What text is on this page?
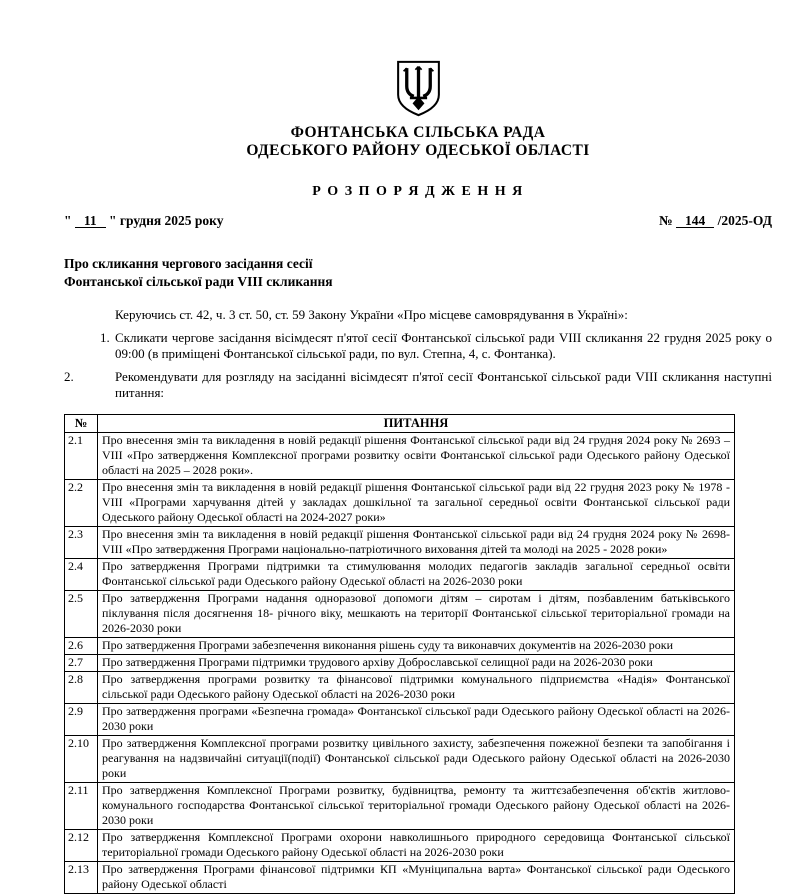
ФОНТАНСЬКА СІЛЬСЬКА РАДА
ОДЕСЬКОГО РАЙОНУ ОДЕСЬКОЇ ОБЛАСТІ
Р О З П О Р Я Д Ж Е Н Н Я
" 11 " грудня 2025 року	№ 144 /2025-ОД
Про скликання чергового засідання сесії
Фонтанської сільської ради VIII скликання
Керуючись ст. 42, ч. 3 ст. 50, ст. 59 Закону України «Про місцеве самоврядування в Україні»:
1. Скликати чергове засідання вісімдесят п'ятої сесії Фонтанської сільської ради VIII скликання 22 грудня 2025 року о 09:00 (в приміщені Фонтанської сільської ради, по вул. Степна, 4, с. Фонтанка).
2.	Рекомендувати для розгляду на засіданні вісімдесят п'ятої сесії Фонтанської сільської ради VIII скликання наступні питання:
№	ПИТАННЯ
2.1	Про внесення змін та викладення в новій редакції рішення Фонтанської сільської ради від 24 грудня 2024 року № 2693 – VIII «Про затвердження Комплексної програми розвитку освіти Фонтанської сільської ради Одеського району Одеської області на 2025 – 2028 роки».
2.2	Про внесення змін та викладення в новій редакції рішення Фонтанської сільської ради від 22 грудня 2023 року № 1978 - VIII «Програми харчування дітей у закладах дошкільної та загальної середньої освіти Фонтанської сільської ради Одеського району Одеської області на 2024-2027 роки»
2.3	Про внесення змін та викладення в новій редакції рішення Фонтанської сільської ради від 24 грудня 2024 року № 2698-VIII «Про затвердження Програми національно-патріотичного виховання дітей та молоді на 2025 - 2028 роки»
2.4	Про затвердження Програми підтримки та стимулювання молодих педагогів закладів загальної середньої освіти Фонтанської сільської ради Одеського району Одеської області на 2026-2030 роки
2.5	Про затвердження Програми надання одноразової допомоги дітям – сиротам і дітям, позбавленим батьківського піклування після досягнення 18- річного віку, мешкають на території Фонтанської сільської територіальної громади на 2026-2030 роки
2.6	Про затвердження Програми забезпечення виконання рішень суду та виконавчих документів на 2026-2030 роки
2.7	Про затвердження Програми підтримки трудового архіву Доброславської селищної ради на 2026-2030 роки
2.8	Про затвердження програми розвитку та фінансової підтримки комунального підприємства «Надія» Фонтанської сільської ради Одеського району Одеської області на 2026-2030 роки
2.9	Про затвердження програми «Безпечна громада» Фонтанської сільської ради Одеського району Одеської області на 2026-2030 роки
2.10	Про затвердження Комплексної програми розвитку цивільного захисту, забезпечення пожежної безпеки та запобігання і реагування на надзвичайні ситуації(події) Фонтанської сільської ради Одеського району Одеської області на 2026-2030 роки
2.11	Про затвердження Комплексної Програми розвитку, будівництва, ремонту та життєзабезпечення об'єктів житлово-комунального господарства Фонтанської сільської територіальної громади Одеського району Одеської області на 2026-2030 роки
2.12	Про затвердження Комплексної Програми охорони навколишнього природного середовища Фонтанської сільської територіальної громади Одеського району Одеської області на 2026-2030 роки
2.13	Про затвердження Програми фінансової підтримки КП «Муніципальна варта» Фонтанської сільської ради Одеського району Одеської області
